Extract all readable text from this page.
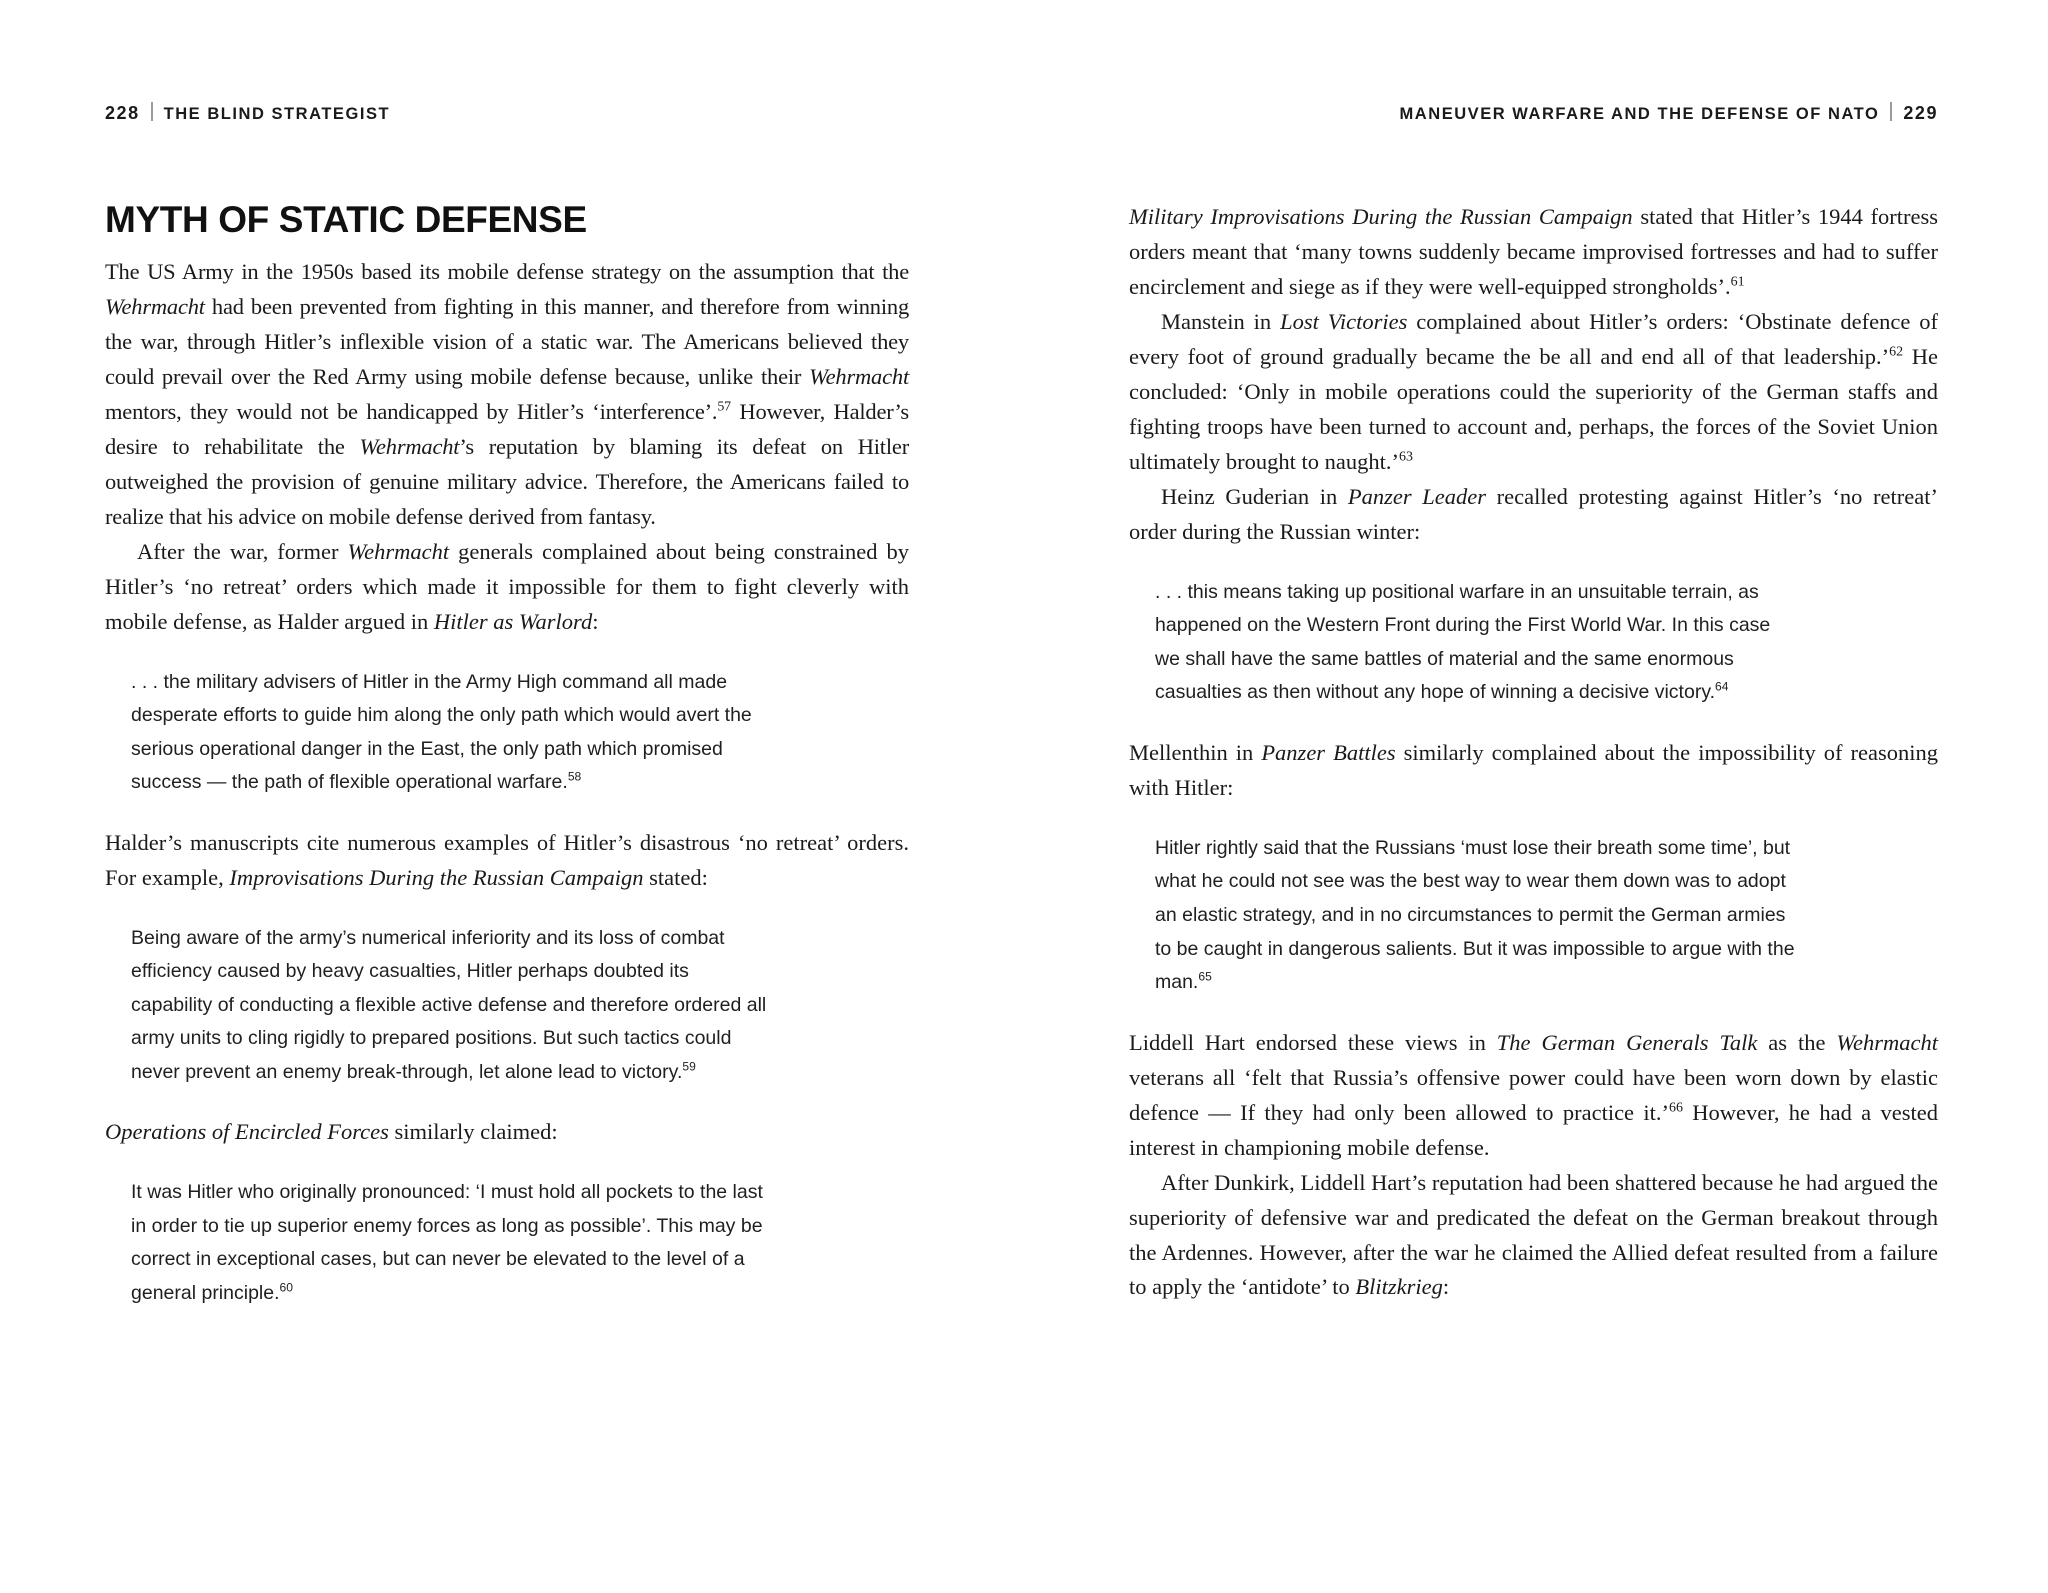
228 THE BLIND STRATEGIST
MYTH OF STATIC DEFENSE

The US Army in the 1950s based its mobile defense strategy on the assumption that the Wehrmacht had been prevented from fighting in this manner, and therefore from winning the war, through Hitler’s inflexible vision of a static war. The Americans believed they could prevail over the Red Army using mobile defense because, unlike their Wehrmacht mentors, they would not be handicapped by Hitler’s ‘interference’.$^{57}$ However, Halder’s desire to rehabilitate the Wehrmacht’s reputation by blaming its defeat on Hitler outweighed the provision of genuine military advice. Therefore, the Americans failed to realize that his advice on mobile defense derived from fantasy.

After the war, former Wehrmacht generals complained about being constrained by Hitler’s ‘no retreat’ orders which made it impossible for them to fight cleverly with mobile defense, as Halder argued in Hitler as Warlord:

. . . the military advisers of Hitler in the Army High command all made desperate efforts to guide him along the only path which would avert the serious operational danger in the East, the only path which promised success — the path of flexible operational warfare.$^{58}$

Halder’s manuscripts cite numerous examples of Hitler’s disastrous ‘no retreat’ orders. For example, Improvisations During the Russian Campaign stated:

Being aware of the army’s numerical inferiority and its loss of combat efficiency caused by heavy casualties, Hitler perhaps doubted its capability of conducting a flexible active defense and therefore ordered all army units to cling rigidly to prepared positions. But such tactics could never prevent an enemy break-through, let alone lead to victory.$^{59}$

Operations of Encircled Forces similarly claimed:

It was Hitler who originally pronounced: ‘I must hold all pockets to the last in order to tie up superior enemy forces as long as possible’. This may be correct in exceptional cases, but can never be elevated to the level of a general principle.$^{60}$
MANEUVER WARFARE AND THE DEFENSE OF NATO 229

Military Improvisations During the Russian Campaign stated that Hitler’s 1944 fortress orders meant that ‘many towns suddenly became improvised fortresses and had to suffer encirclement and siege as if they were well-equipped strongholds’.$^{61}$

Manstein in Lost Victories complained about Hitler’s orders: ‘Obstinate defence of every foot of ground gradually became the be all and end all of that leadership.’$^{62}$ He concluded: ‘Only in mobile operations could the superiority of the German staffs and fighting troops have been turned to account and, perhaps, the forces of the Soviet Union ultimately brought to naught.’$^{63}$

Heinz Guderian in Panzer Leader recalled protesting against Hitler’s ‘no retreat’ order during the Russian winter:

. . . this means taking up positional warfare in an unsuitable terrain, as happened on the Western Front during the First World War. In this case we shall have the same battles of material and the same enormous casualties as then without any hope of winning a decisive victory.$^{64}$

Mellenthin in Panzer Battles similarly complained about the impossibility of reasoning with Hitler:

Hitler rightly said that the Russians ‘must lose their breath some time’, but what he could not see was the best way to wear them down was to adopt an elastic strategy, and in no circumstances to permit the German armies to be caught in dangerous salients. But it was impossible to argue with the man.$^{65}$

Liddell Hart endorsed these views in The German Generals Talk as the Wehrmacht veterans all ‘felt that Russia’s offensive power could have been worn down by elastic defence — If they had only been allowed to practice it.’$^{66}$ However, he had a vested interest in championing mobile defense.

After Dunkirk, Liddell Hart’s reputation had been shattered because he had argued the superiority of defensive war and predicated the defeat on the German breakout through the Ardennes. However, after the war he claimed the Allied defeat resulted from a failure to apply the ‘antidote’ to Blitzkrieg:
